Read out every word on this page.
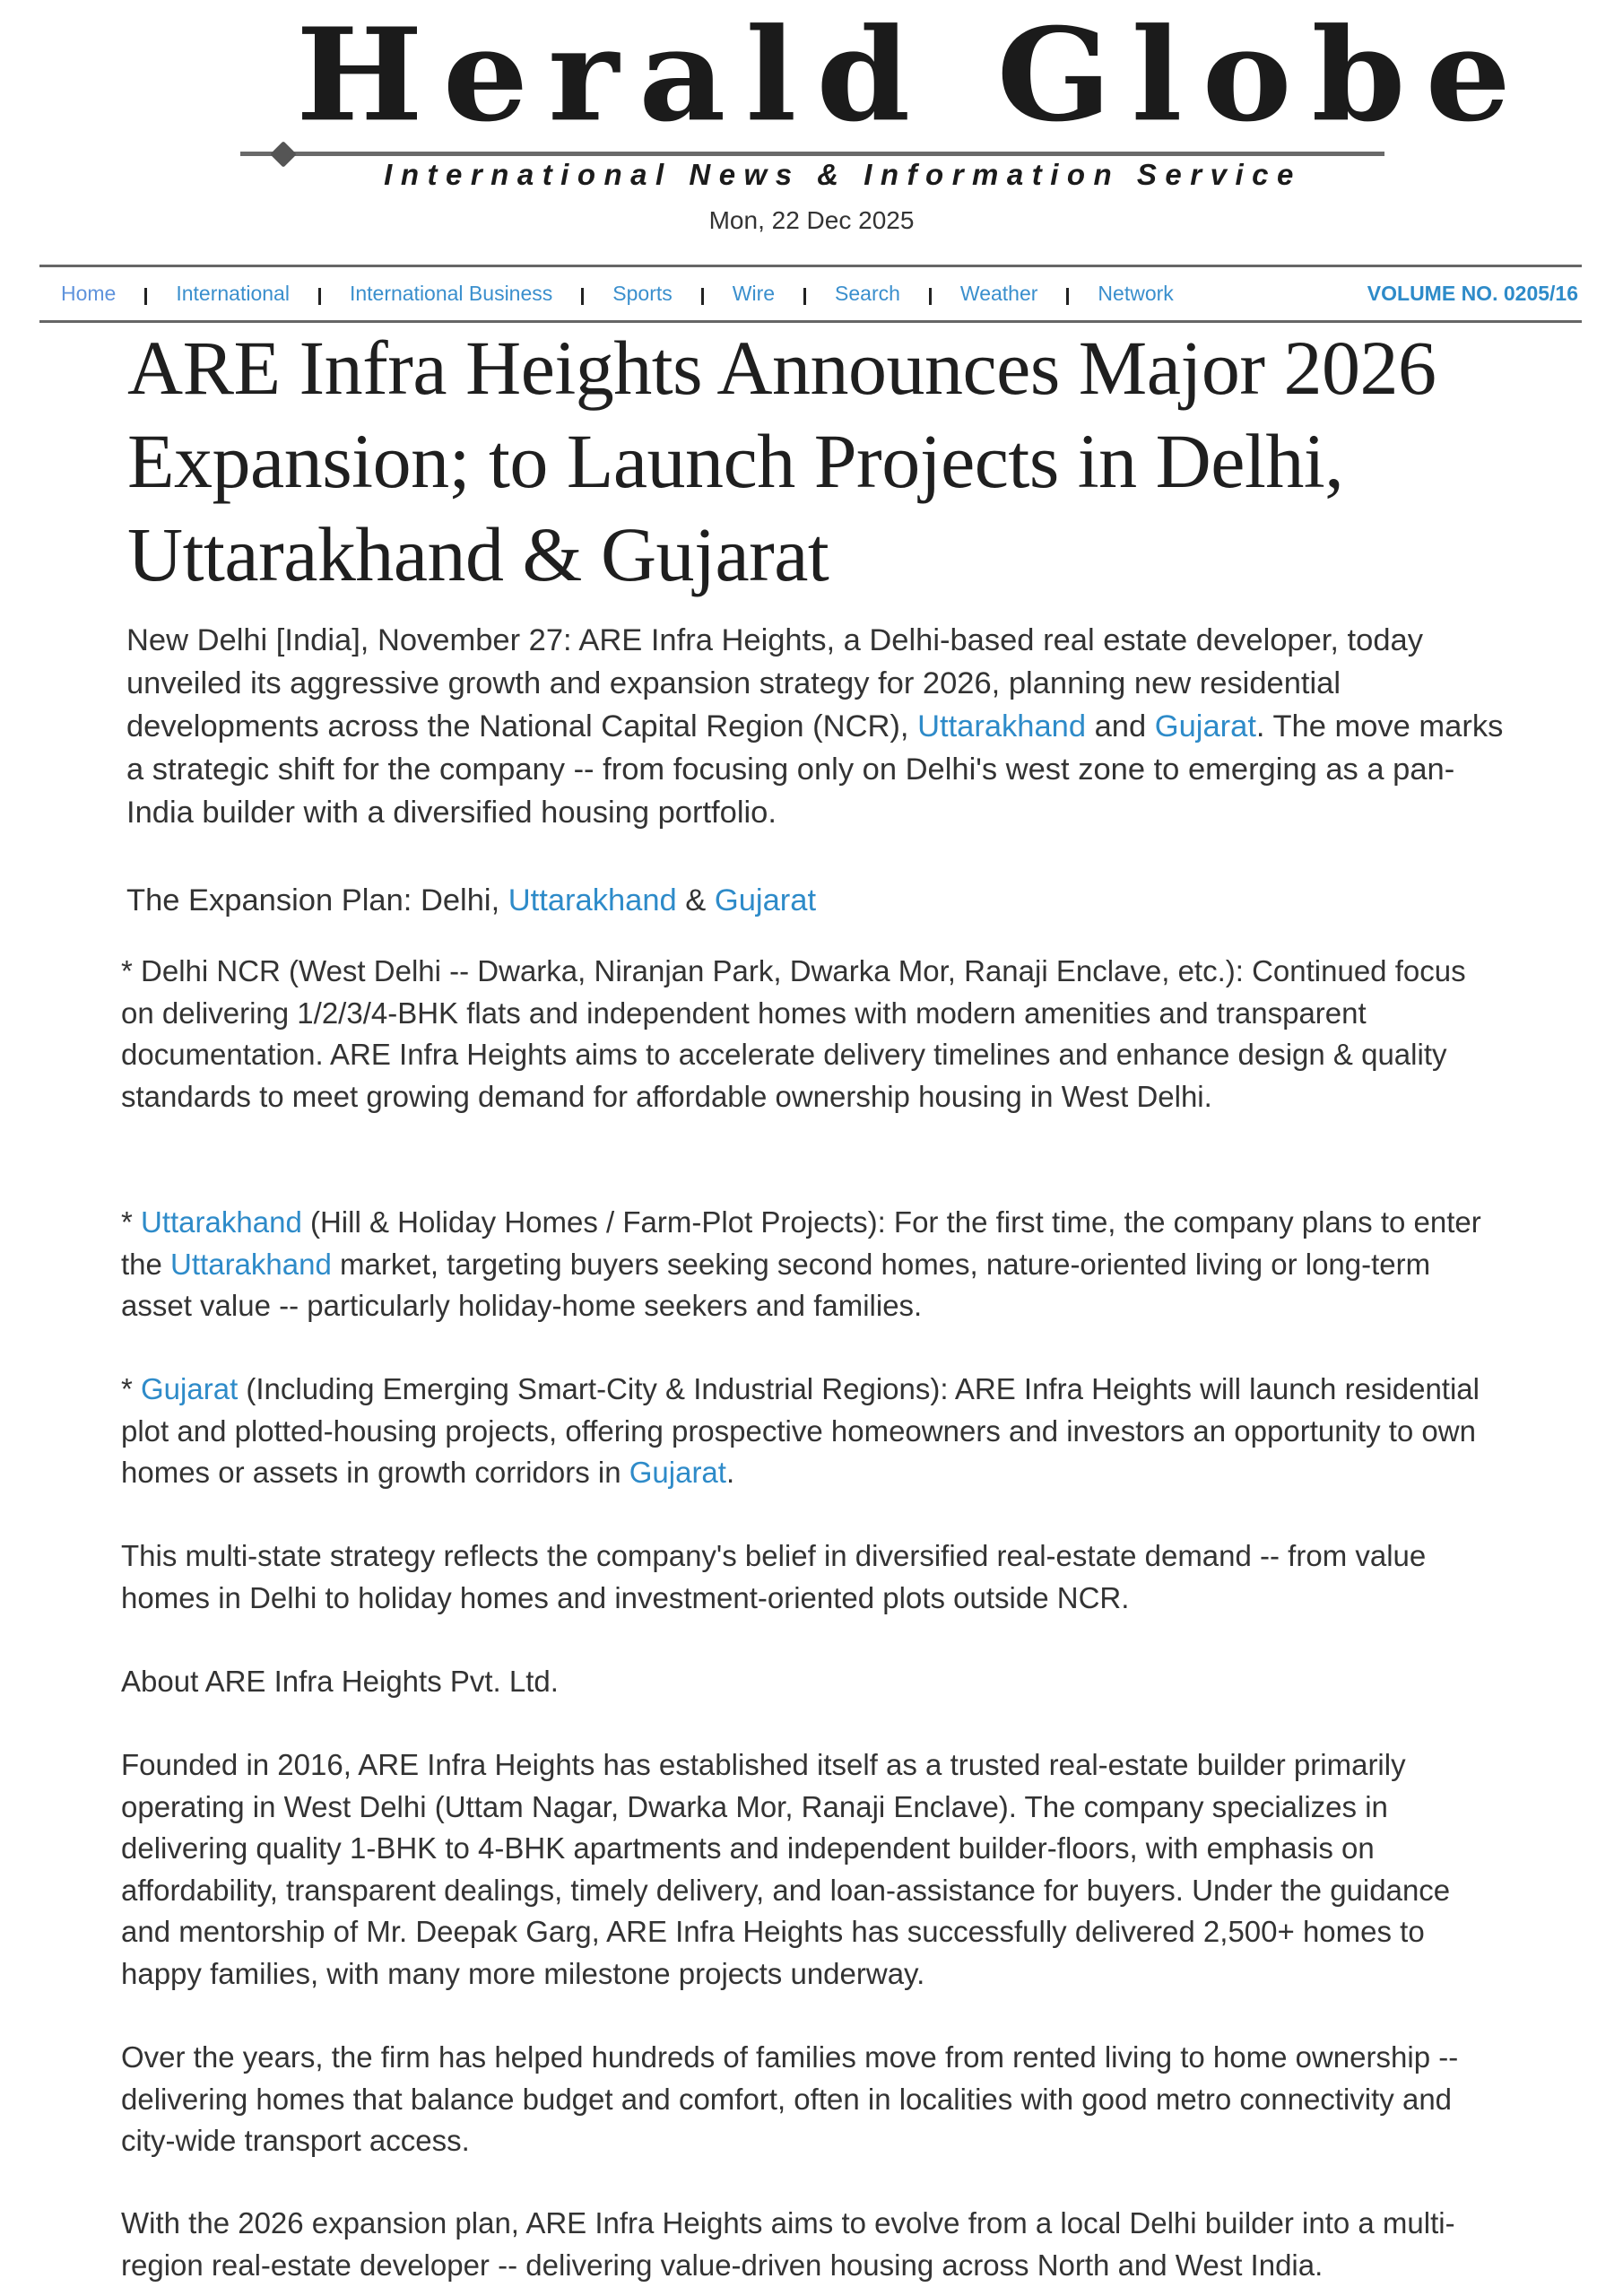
Herald Globe
International News & Information Service
Mon, 22 Dec 2025
Home	International	International Business	Sports	Wire	Search	Weather	Network	VOLUME NO. 0205/16
ARE Infra Heights Announces Major 2026 Expansion; to Launch Projects in Delhi, Uttarakhand & Gujarat

New Delhi [India], November 27: ARE Infra Heights, a Delhi-based real estate developer, today unveiled its aggressive growth and expansion strategy for 2026, planning new residential developments across the National Capital Region (NCR), Uttarakhand and Gujarat. The move marks a strategic shift for the company -- from focusing only on Delhi's west zone to emerging as a pan-India builder with a diversified housing portfolio.

The Expansion Plan: Delhi, Uttarakhand & Gujarat

* Delhi NCR (West Delhi -- Dwarka, Niranjan Park, Dwarka Mor, Ranaji Enclave, etc.): Continued focus on delivering 1/2/3/4-BHK flats and independent homes with modern amenities and transparent documentation. ARE Infra Heights aims to accelerate delivery timelines and enhance design & quality standards to meet growing demand for affordable ownership housing in West Delhi.

* Uttarakhand (Hill & Holiday Homes / Farm-Plot Projects): For the first time, the company plans to enter the Uttarakhand market, targeting buyers seeking second homes, nature-oriented living or long-term asset value -- particularly holiday-home seekers and families.

* Gujarat (Including Emerging Smart-City & Industrial Regions): ARE Infra Heights will launch residential plot and plotted-housing projects, offering prospective homeowners and investors an opportunity to own homes or assets in growth corridors in Gujarat.

This multi-state strategy reflects the company's belief in diversified real-estate demand -- from value homes in Delhi to holiday homes and investment-oriented plots outside NCR.

About ARE Infra Heights Pvt. Ltd.

Founded in 2016, ARE Infra Heights has established itself as a trusted real-estate builder primarily operating in West Delhi (Uttam Nagar, Dwarka Mor, Ranaji Enclave). The company specializes in delivering quality 1-BHK to 4-BHK apartments and independent builder-floors, with emphasis on affordability, transparent dealings, timely delivery, and loan-assistance for buyers. Under the guidance and mentorship of Mr. Deepak Garg, ARE Infra Heights has successfully delivered 2,500+ homes to happy families, with many more milestone projects underway.

Over the years, the firm has helped hundreds of families move from rented living to home ownership -- delivering homes that balance budget and comfort, often in localities with good metro connectivity and city-wide transport access.

With the 2026 expansion plan, ARE Infra Heights aims to evolve from a local Delhi builder into a multi-region real-estate developer -- delivering value-driven housing across North and West India.
